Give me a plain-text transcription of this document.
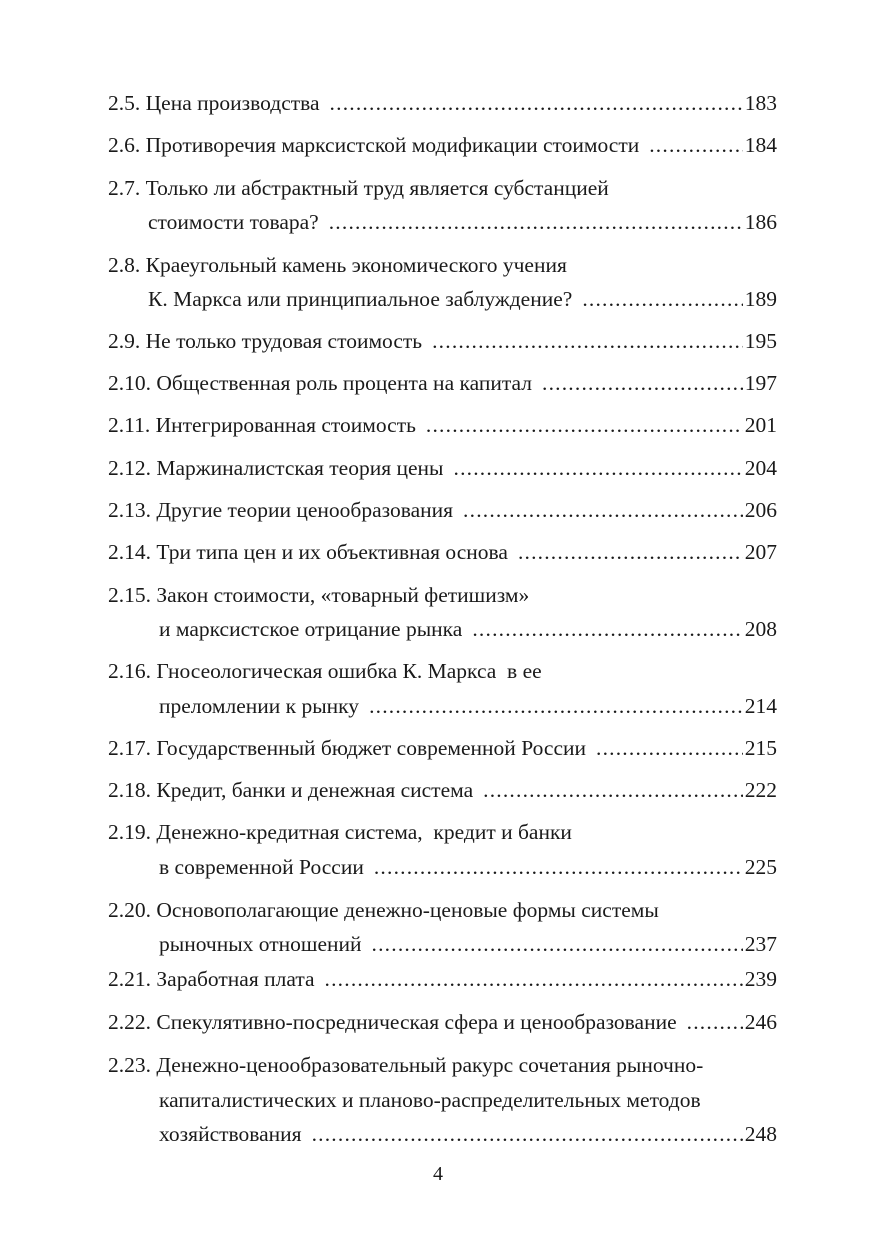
2.5. Цена производства .....	183
2.6. Противоречия марксистской модификации стоимости .....	184
2.7. Только ли абстрактный труд является субстанцией
стоимости товара? .....	186
2.8. Краеугольный камень экономического учения
К. Маркса или принципиальное заблуждение? .....	189
2.9. Не только трудовая стоимость .....	195
2.10. Общественная роль процента на капитал .....	197
2.11. Интегрированная стоимость .....	201
2.12. Маржиналистская теория цены .....	204
2.13. Другие теории ценообразования .....	206
2.14. Три типа цен и их объективная основа .....	207
2.15. Закон стоимости, «товарный фетишизм»
и марксистское отрицание рынка .....	208
2.16. Гносеологическая ошибка К. Маркса  в ее
преломлении к рынку .....	214
2.17. Государственный бюджет современной России .....	215
2.18. Кредит, банки и денежная система .....	222
2.19. Денежно-кредитная система,  кредит и банки
в современной России .....	225
2.20. Основополагающие денежно-ценовые формы системы
рыночных отношений .....	237
2.21. Заработная плата .....	239
2.22. Спекулятивно-посредническая сфера и ценообразование .....	246
2.23. Денежно-ценообразовательный ракурс сочетания рыночно-
капиталистических и планово-распределительных методов
хозяйствования .....	248
4
